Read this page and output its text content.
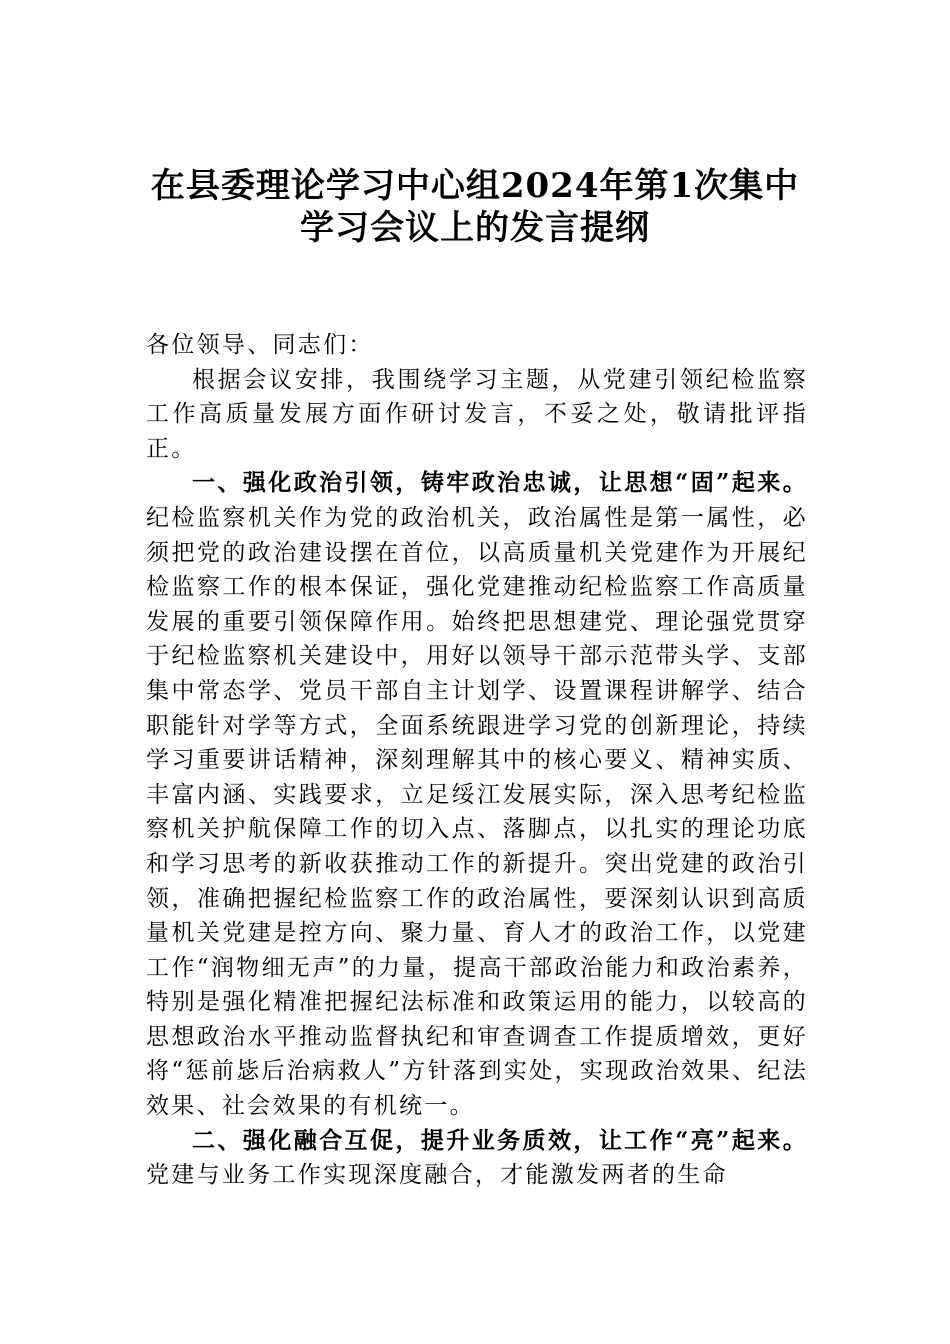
在县委理论学习中心组2024年第1次集中
学习会议上的发言提纲

各位领导、同志们：

根据会议安排，我围绕学习主题，从党建引领纪检监察工作高质量发展方面作研讨发言，不妥之处，敬请批评指正。

一、强化政治引领，铸牢政治忠诚，让思想“固”起来。纪检监察机关作为党的政治机关，政治属性是第一属性，必须把党的政治建设摆在首位，以高质量机关党建作为开展纪检监察工作的根本保证，强化党建推动纪检监察工作高质量发展的重要引领保障作用。始终把思想建党、理论强党贯穿于纪检监察机关建设中，用好以领导干部示范带头学、支部集中常态学、党员干部自主计划学、设置课程讲解学、结合职能针对学等方式，全面系统跟进学习党的创新理论，持续学习重要讲话精神，深刻理解其中的核心要义、精神实质、丰富内涵、实践要求，立足绥江发展实际，深入思考纪检监察机关护航保障工作的切入点、落脚点，以扎实的理论功底和学习思考的新收获推动工作的新提升。突出党建的政治引领，准确把握纪检监察工作的政治属性，要深刻认识到高质量机关党建是控方向、聚力量、育人才的政治工作，以党建工作“润物细无声”的力量，提高干部政治能力和政治素养，特别是强化精准把握纪法标准和政策运用的能力，以较高的思想政治水平推动监督执纪和审查调查工作提质增效，更好将“惩前毖后治病救人”方针落到实处，实现政治效果、纪法效果、社会效果的有机统一。

二、强化融合互促，提升业务质效，让工作“亮”起来。党建与业务工作实现深度融合，才能激发两者的生命
